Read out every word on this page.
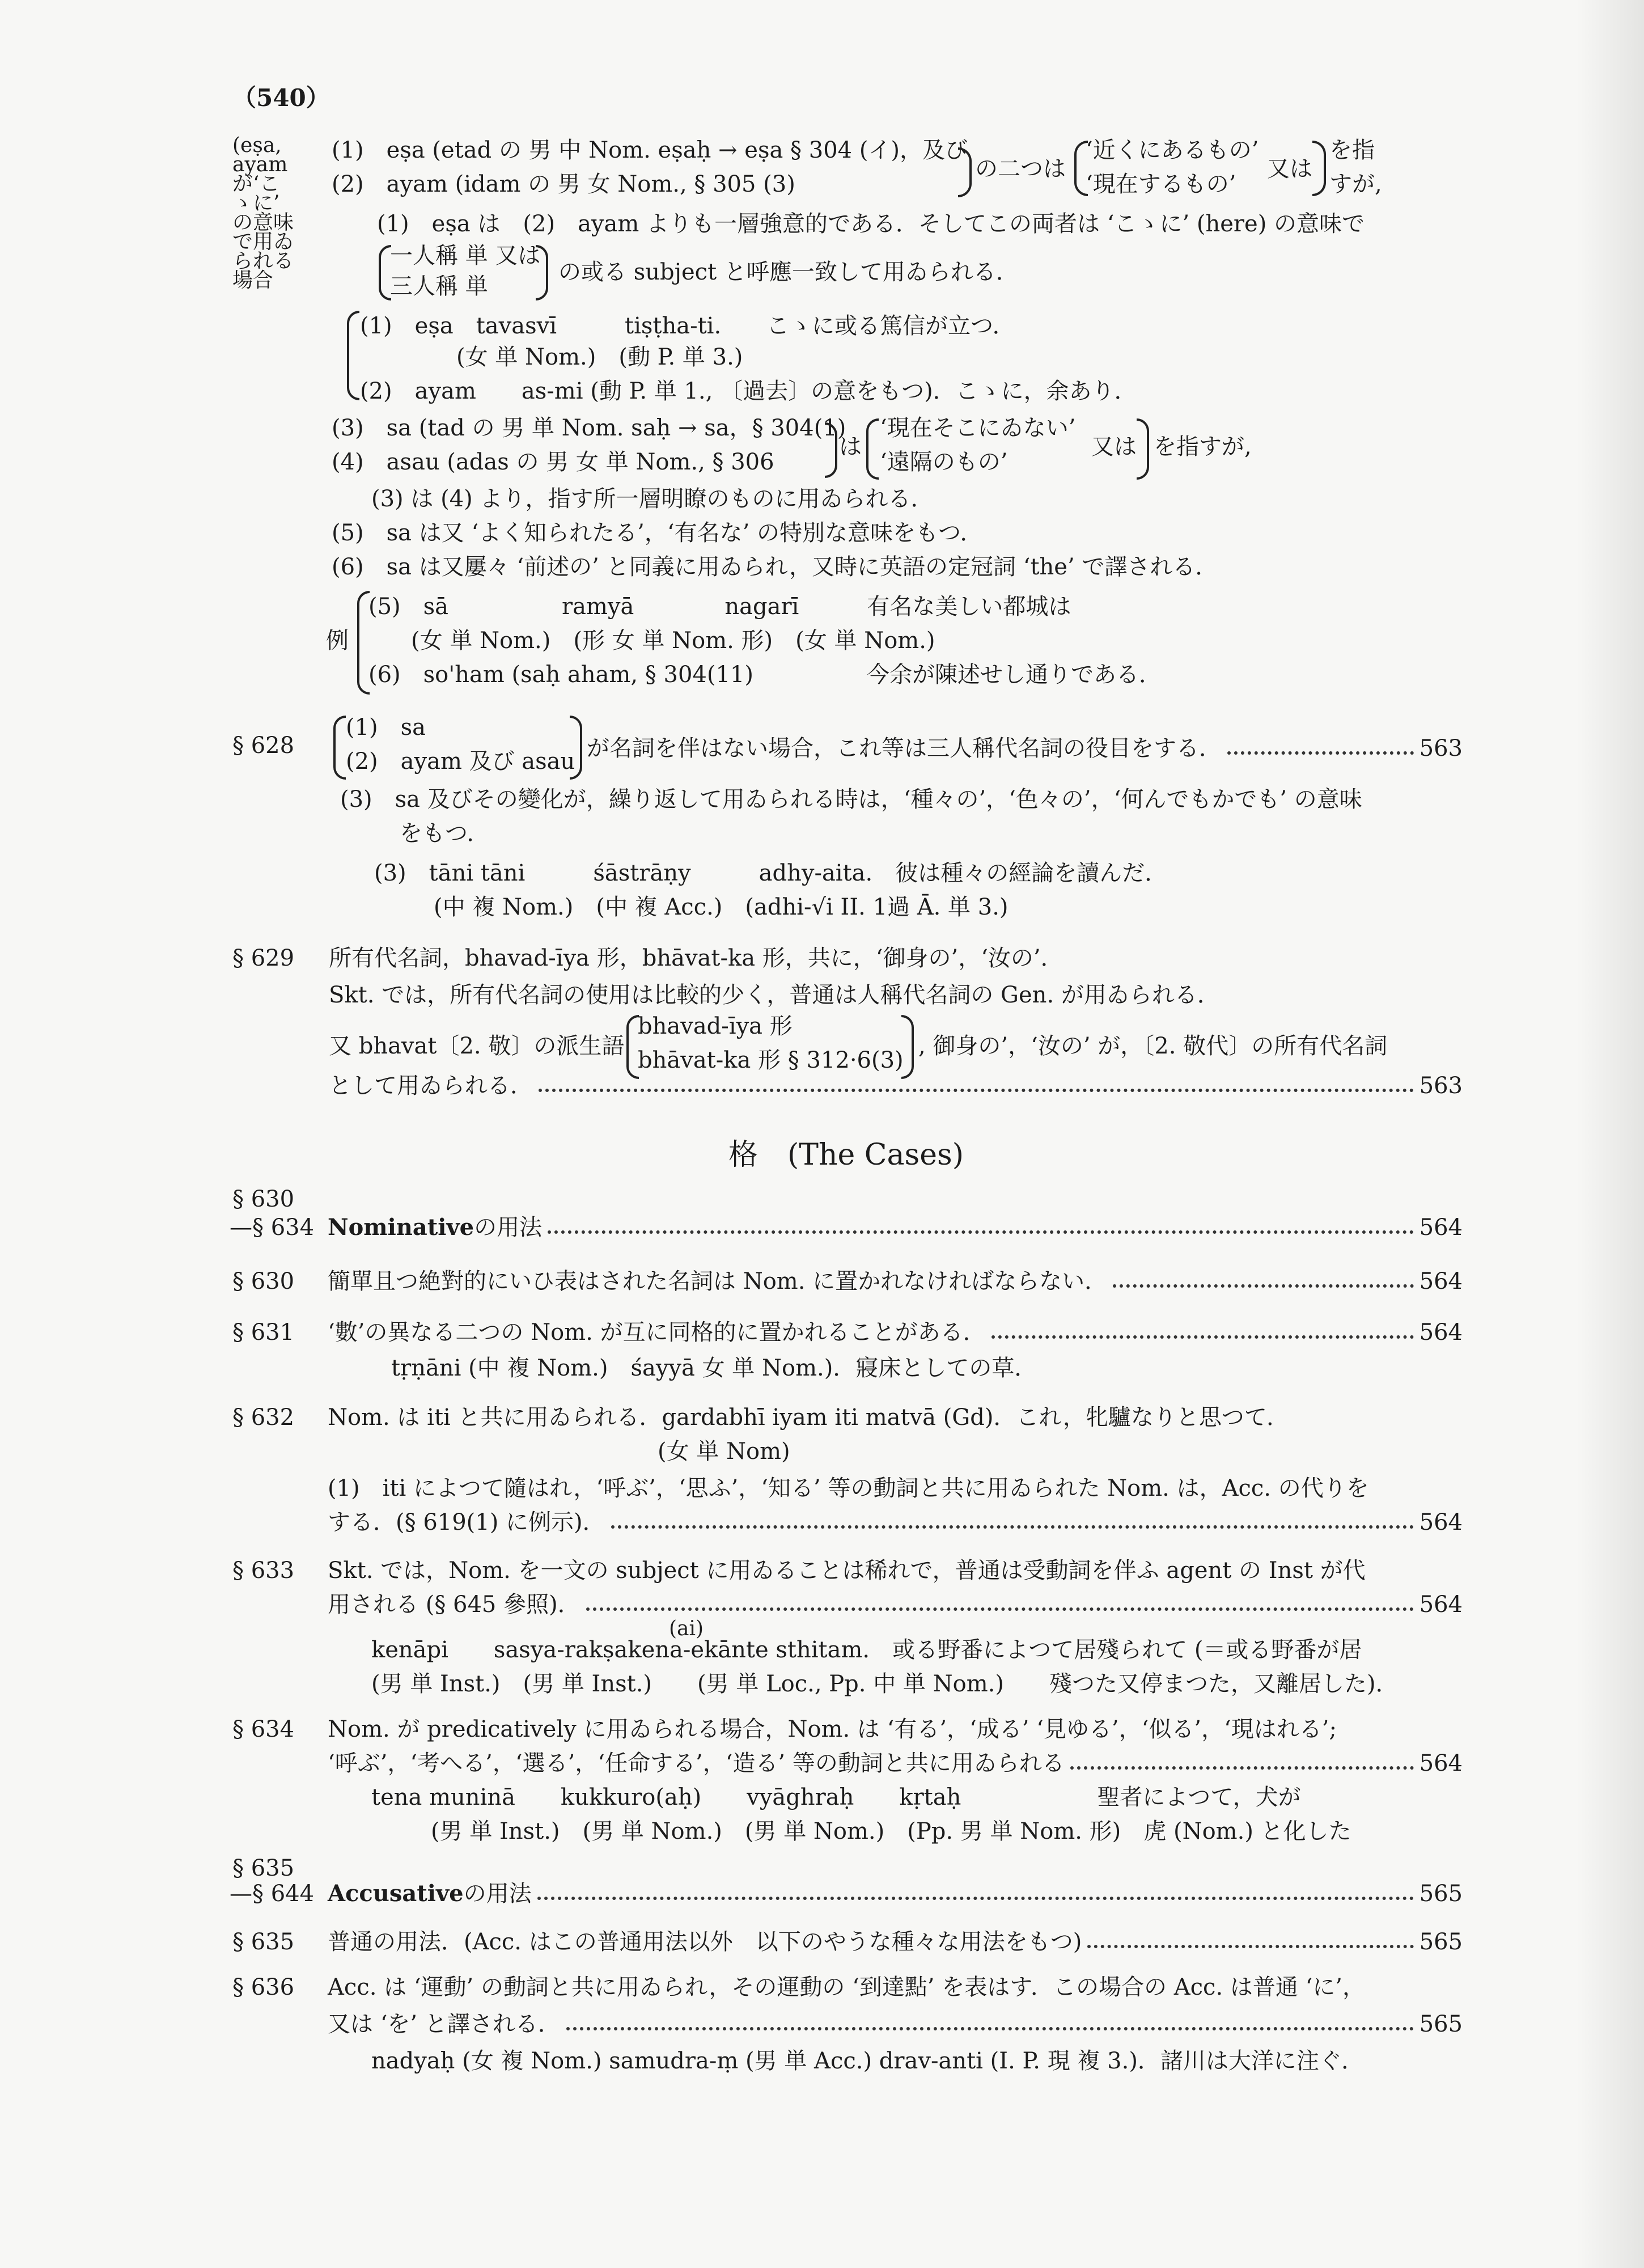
（540）
(eṣa,
ayam
が‘こ
ゝに’
の意味
で用ゐ
られる
場合
(1)　eṣa (etad の 男 中 Nom. eṣaḥ → eṣa § 304 (イ)，及び
(2)　ayam (idam の 男 女 Nom., § 305 (3)
の二つは
‘近くにあるもの’
‘現在するもの’
又は
を指
すが,
(1)　eṣa は　(2)　ayam よりも一層強意的である．そしてこの両者は ‘こゝに’ (here) の意味で
一人稱 単 又は
三人稱 単
の或る subject と呼應一致して用ゐられる．
(1)　eṣa　tavasvī　　　tiṣṭha-ti.　　こゝに或る篤信が立つ．
(女 単 Nom.)　(動 P. 単 3.)
(2)　ayam　　as-mi (動 P. 単 1., 〔過去〕の意をもつ)．こゝに，余あり．
(3)　sa (tad の 男 単 Nom. saḥ → sa，§ 304(1)
(4)　asau (adas の 男 女 単 Nom., § 306
は
‘現在そこにゐない’
‘遠隔のもの’
又は を指すが,
(3) は (4) より，指す所一層明瞭のものに用ゐられる．
(5)　sa は又 ‘よく知られたる’，‘有名な’ の特別な意味をもつ．
(6)　sa は又屢々 ‘前述の’ と同義に用ゐられ，又時に英語の定冠詞 ‘the’ で譯される．
例
(5)　sā　　　　　ramyā　　　　nagarī　　　有名な美しい都城は
(女 単 Nom.)　(形 女 単 Nom. 形)　(女 単 Nom.)
(6)　so'ham (saḥ aham, § 304(11)　　　　　今余が陳述せし通りである．
§ 628
(1)　sa
(2)　ayam 及び asau が名詞を伴はない場合，これ等は三人稱代名詞の役目をする．	563
(3)　sa 及びその變化が，繰り返して用ゐられる時は，‘種々の’，‘色々の’，‘何んでもかでも’ の意味
をもつ．
(3)　tāni tāni　　　śāstrāṇy　　　adhy-aita.　彼は種々の經論を讀んだ．
(中 複 Nom.)　(中 複 Acc.)　(adhi-√i II. 1過 Ā. 単 3.)
§ 629 所有代名詞，bhavad-īya 形，bhāvat-ka 形，共に，‘御身の’，‘汝の’．
Skt. では，所有代名詞の使用は比較的少く，普通は人稱代名詞の Gen. が用ゐられる．
又 bhavat〔2. 敬〕の派生語
bhavad-īya 形
bhāvat-ka 形 § 312·6(3)
, 御身の’，‘汝の’ が，〔2. 敬代〕の所有代名詞
として用ゐられる．	563
格　(The Cases)
§ 630
—§ 634 Nominative の用法	564
§ 630 簡單且つ絶對的にいひ表はされた名詞は Nom. に置かれなければならない．	564
§ 631 ‘數’の異なる二つの Nom. が互に同格的に置かれることがある．	564
tṛṇāni (中 複 Nom.)　śayyā 女 単 Nom.)．寢床としての草．
§ 632 Nom. は iti と共に用ゐられる．gardabhī iyam iti matvā (Gd)．これ，牝驢なりと思つて．
(女 単 Nom)
(1)　iti によつて隨はれ，‘呼ぶ’，‘思ふ’，‘知る’ 等の動詞と共に用ゐられた Nom. は，Acc. の代りを
する．(§ 619(1) に例示)．	564
§ 633 Skt. では，Nom. を一文の subject に用ゐることは稀れで，普通は受動詞を伴ふ agent の Inst が代
用される (§ 645 參照)．	564
(ai)
kenāpi　　sasya-rakṣakena-ekānte sthitam.　或る野番によつて居殘られて (＝或る野番が居
(男 単 Inst.)　(男 単 Inst.)　　(男 単 Loc., Pp. 中 単 Nom.)　　殘つた又停まつた，又離居した)．
§ 634 Nom. が predicatively に用ゐられる場合，Nom. は ‘有る’，‘成る’ ‘見ゆる’，‘似る’，‘現はれる’;
‘呼ぶ’，‘考へる’，‘選る’，‘任命する’，‘造る’ 等の動詞と共に用ゐられる	564
tena muninā　　kukkuro(aḥ)　　vyāghraḥ　　kṛtaḥ　　　　　　聖者によつて，犬が
(男 単 Inst.)　(男 単 Nom.)　(男 単 Nom.)　(Pp. 男 単 Nom. 形)　虎 (Nom.) と化した
§ 635
—§ 644 Accusative の用法	565
§ 635 普通の用法．(Acc. はこの普通用法以外　以下のやうな種々な用法をもつ)	565
§ 636 Acc. は ‘運動’ の動詞と共に用ゐられ，その運動の ‘到達點’ を表はす．この場合の Acc. は普通 ‘に’，
又は ‘を’ と譯される．	565
nadyaḥ (女 複 Nom.) samudra-ṃ (男 単 Acc.) drav-anti (I. P. 現 複 3.)．諸川は大洋に注ぐ．
